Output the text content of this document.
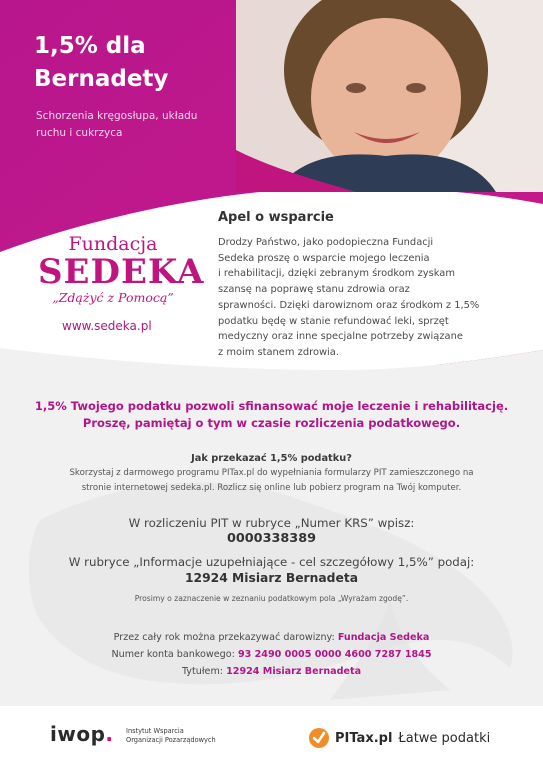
1,5% dla
Bernadety
Schorzenia kręgosłupa, układu
ruchu i cukrzyca
Fundacja
SEDEKA
„Zdążyć z Pomocą”
www.sedeka.pl
Apel o wsparcie
Drodzy Państwo, jako podopieczna Fundacji
Sedeka proszę o wsparcie mojego leczenia
i rehabilitacji, dzięki zebranym środkom zyskam
szansę na poprawę stanu zdrowia oraz
sprawności. Dzięki darowiznom oraz środkom z 1,5%
podatku będę w stanie refundować leki, sprzęt
medyczny oraz inne specjalne potrzeby związane
z moim stanem zdrowia.
1,5% Twojego podatku pozwoli sfinansować moje leczenie i rehabilitację.
Proszę, pamiętaj o tym w czasie rozliczenia podatkowego.
Jak przekazać 1,5% podatku?
Skorzystaj z darmowego programu PITax.pl do wypełniania formularzy PIT zamieszczonego na
stronie internetowej sedeka.pl. Rozlicz się online lub pobierz program na Twój komputer.
W rozliczeniu PIT w rubryce „Numer KRS” wpisz:
0000338389
W rubryce „Informacje uzupełniające - cel szczegółowy 1,5%” podaj:
12924 Misiarz Bernadeta
Prosimy o zaznaczenie w zeznaniu podatkowym pola „Wyrażam zgodę”.
Przez cały rok można przekazywać darowizny: Fundacja Sedeka
Numer konta bankowego: 93 2490 0005 0000 4600 7287 1845
Tytułem: 12924 Misiarz Bernadeta
iwop. Instytut Wsparcia
Organizacji Pozarządowych	PITax.pl Łatwe podatki
